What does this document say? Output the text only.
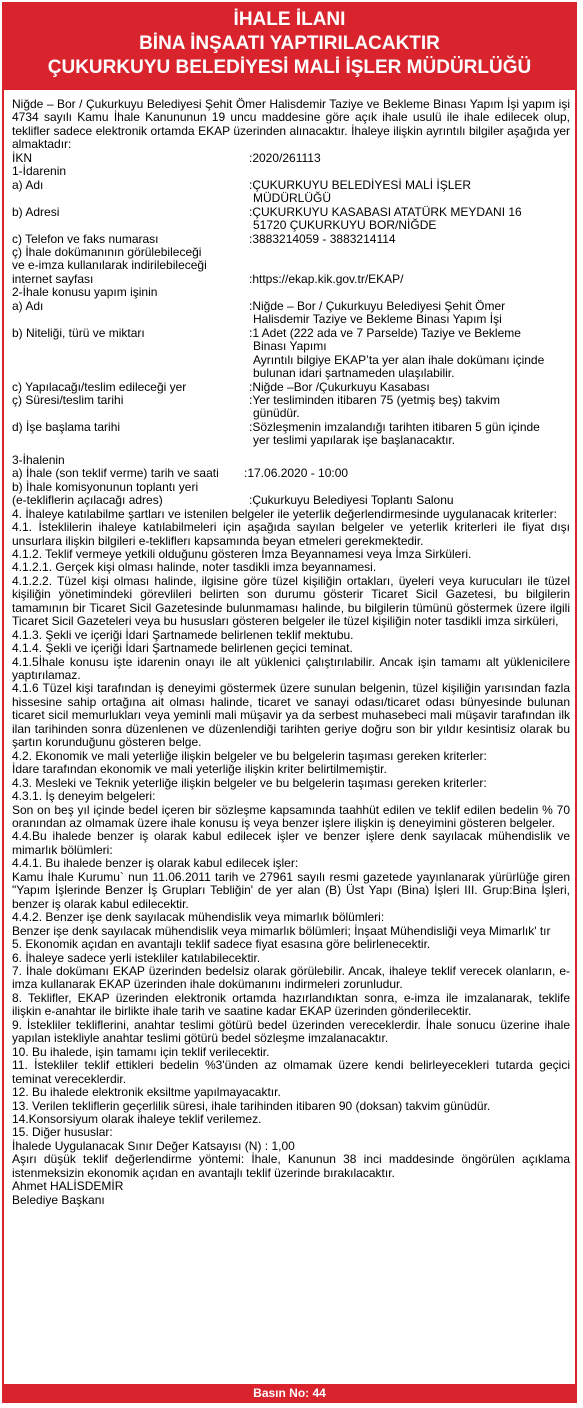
İHALE İLANI
BİNA İNŞAATI YAPTIRILACAKTIR
ÇUKURKUYU BELEDİYESİ MALİ İŞLER MÜDÜRLÜĞÜ
Niğde – Bor / Çukurkuyu Belediyesi Şehit Ömer Halisdemir Taziye ve Bekleme Binası Yapım İşi yapım işi 4734 sayılı Kamu İhale Kanununun 19 uncu maddesine göre açık ihale usulü ile ihale edilecek olup, teklifler sadece elektronik ortamda EKAP üzerinden alınacaktır. İhaleye ilişkin ayrıntılı bilgiler aşağıda yer almaktadır:
İKN	:2020/261113
1-İdarenin
a) Adı	:ÇUKURKUYU BELEDİYESİ MALİ İŞLER
MÜDÜRLÜĞÜ
b) Adresi	:ÇUKURKUYU KASABASI ATATÜRK MEYDANI 16
51720 ÇUKURKUYU BOR/NİĞDE
c) Telefon ve faks numarası	:3883214059 - 3883214114
ç) İhale dokümanının görülebileceği
ve e-imza kullanılarak indirilebileceği
internet sayfası	:https://ekap.kik.gov.tr/EKAP/
2-İhale konusu yapım işinin
a) Adı	:Niğde – Bor / Çukurkuyu Belediyesi Şehit Ömer
Halisdemir Taziye ve Bekleme Binası Yapım İşi
b) Niteliği, türü ve miktarı	:1 Adet (222 ada ve 7 Parselde) Taziye ve Bekleme
Binası Yapımı
Ayrıntılı bilgiye EKAP’ta yer alan ihale dokümanı içinde
bulunan idari şartnameden ulaşılabilir.
c) Yapılacağı/teslim edileceği yer	:Niğde –Bor /Çukurkuyu Kasabası
ç) Süresi/teslim tarihi	:Yer tesliminden itibaren 75 (yetmiş beş) takvim
günüdür.
d) İşe başlama tarihi	:Sözleşmenin imzalandığı tarihten itibaren 5 gün içinde
yer teslimi yapılarak işe başlanacaktır.
3-İhalenin
a) İhale (son teklif verme) tarih ve saati	:17.06.2020 - 10:00
b) İhale komisyonunun toplantı yeri
(e-tekliflerin açılacağı adres)	:Çukurkuyu Belediyesi Toplantı Salonu
4. İhaleye katılabilme şartları ve istenilen belgeler ile yeterlik değerlendirmesinde uygulanacak kriterler:
4.1. İsteklilerin ihaleye katılabilmeleri için aşağıda sayılan belgeler ve yeterlik kriterleri ile fiyat dışı unsurlara ilişkin bilgileri e-tekliflerı kapsamında beyan etmeleri gerekmektedir.
4.1.2. Teklif vermeye yetkili olduğunu gösteren İmza Beyannamesi veya İmza Sirküleri.
4.1.2.1. Gerçek kişi olması halinde, noter tasdikli imza beyannamesi.
4.1.2.2. Tüzel kişi olması halinde, ilgisine göre tüzel kişiliğin ortakları, üyeleri veya kurucuları ile tüzel kişiliğin yönetimindeki görevlileri belirten son durumu gösterir Ticaret Sicil Gazetesi, bu bilgilerin tamamının bir Ticaret Sicil Gazetesinde bulunmaması halinde, bu bilgilerin tümünü göstermek üzere ilgili Ticaret Sicil Gazeteleri veya bu hususları gösteren belgeler ile tüzel kişiliğin noter tasdikli imza sirküleri,
4.1.3. Şekli ve içeriği İdari Şartnamede belirlenen teklif mektubu.
4.1.4. Şekli ve içeriği İdari Şartnamede belirlenen geçici teminat.
4.1.5İhale konusu işte idarenin onayı ile alt yüklenici çalıştırılabilir. Ancak işin tamamı alt yüklenicilere yaptırılamaz.
4.1.6 Tüzel kişi tarafından iş deneyimi göstermek üzere sunulan belgenin, tüzel kişiliğin yarısından fazla hissesine sahip ortağına ait olması halinde, ticaret ve sanayi odası/ticaret odası bünyesinde bulunan ticaret sicil memurlukları veya yeminli mali müşavir ya da serbest muhasebeci mali müşavir tarafından ilk ilan tarihinden sonra düzenlenen ve düzenlendiği tarihten geriye doğru son bir yıldır kesintisiz olarak bu şartın korunduğunu gösteren belge.
4.2. Ekonomik ve mali yeterliğe ilişkin belgeler ve bu belgelerin taşıması gereken kriterler:
İdare tarafından ekonomik ve mali yeterliğe ilişkin kriter belirtilmemiştir.
4.3. Mesleki ve Teknik yeterliğe ilişkin belgeler ve bu belgelerin taşıması gereken kriterler:
4.3.1. İş deneyim belgeleri:
Son on beş yıl içinde bedel içeren bir sözleşme kapsamında taahhüt edilen ve teklif edilen bedelin % 70 oranından az olmamak üzere ihale konusu iş veya benzer işlere ilişkin iş deneyimini gösteren belgeler.
4.4.Bu ihalede benzer iş olarak kabul edilecek işler ve benzer işlere denk sayılacak mühendislik ve mimarlık bölümleri:
4.4.1. Bu ihalede benzer iş olarak kabul edilecek işler:
Kamu İhale Kurumu` nun 11.06.2011 tarih ve 27961 sayılı resmi gazetede yayınlanarak yürürlüğe giren "Yapım İşlerinde Benzer İş Grupları Tebliğin' de yer alan (B) Üst Yapı (Bina) İşleri III. Grup:Bina İşleri, benzer iş olarak kabul edilecektir.
4.4.2. Benzer işe denk sayılacak mühendislik veya mimarlık bölümleri:
Benzer işe denk sayılacak mühendislik veya mimarlık bölümleri; İnşaat Mühendisliği veya Mimarlık' tır
5. Ekonomik açıdan en avantajlı teklif sadece fiyat esasına göre belirlenecektir.
6. İhaleye sadece yerli istekliler katılabilecektir.
7. İhale dokümanı EKAP üzerinden bedelsiz olarak görülebilir. Ancak, ihaleye teklif verecek olanların, e-imza kullanarak EKAP üzerinden ihale dokümanını indirmeleri zorunludur.
8. Teklifler, EKAP üzerinden elektronik ortamda hazırlandıktan sonra, e-imza ile imzalanarak, teklife ilişkin e-anahtar ile birlikte ihale tarih ve saatine kadar EKAP üzerinden gönderilecektir.
9. İstekliler tekliflerini, anahtar teslimi götürü bedel üzerinden vereceklerdir. İhale sonucu üzerine ihale yapılan istekliyle anahtar teslimi götürü bedel sözleşme imzalanacaktır.
10. Bu ihalede, işin tamamı için teklif verilecektir.
11. İstekliler teklif ettikleri bedelin %3'ünden az olmamak üzere kendi belirleyecekleri tutarda geçici teminat vereceklerdir.
12. Bu ihalede elektronik eksiltme yapılmayacaktır.
13. Verilen tekliflerin geçerlilik süresi, ihale tarihinden itibaren 90 (doksan) takvim günüdür.
14.Konsorsiyum olarak ihaleye teklif verilemez.
15. Diğer hususlar:
İhalede Uygulanacak Sınır Değer Katsayısı (N) : 1,00
Aşırı düşük teklif değerlendirme yöntemi: İhale, Kanunun 38 inci maddesinde öngörülen açıklama istenmeksizin ekonomik açıdan en avantajlı teklif üzerinde bırakılacaktır.
Ahmet HALİSDEMİR
Belediye Başkanı
Basın No: 44
